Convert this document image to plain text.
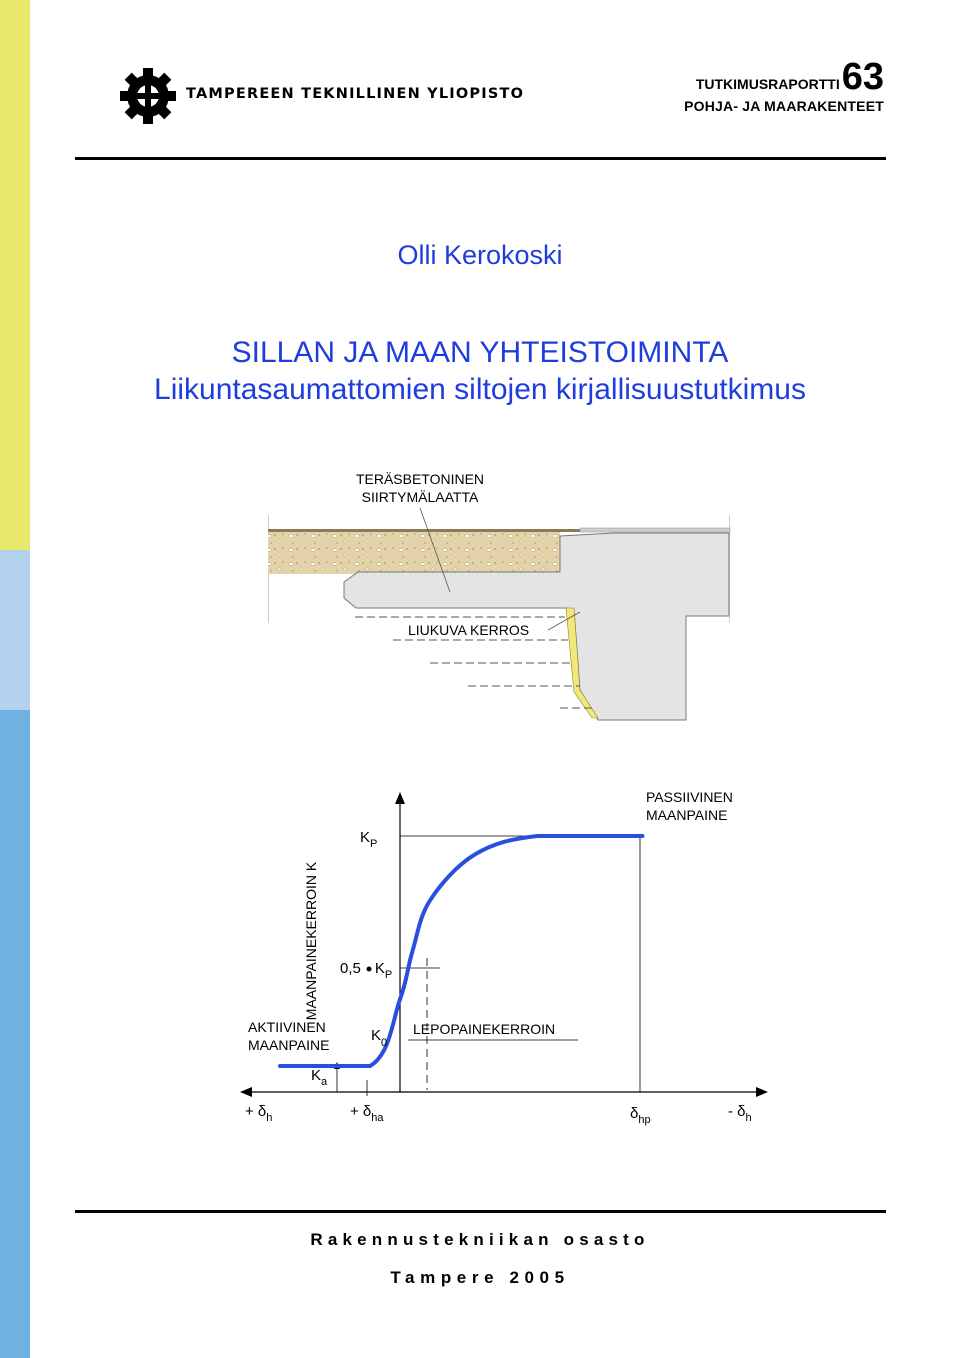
TAMPEREEN TEKNILLINEN YLIOPISTO
TUTKIMUSRAPORTTI63
POHJA- JA MAARAKENTEET
Olli Kerokoski
SILLAN JA MAAN YHTEISTOIMINTA
Liikuntasaumattomien siltojen kirjallisuustutkimus
TERÄSBETONINEN
SIIRTYMÄLAATTA
LIUKUVA KERROS
MAANPAINEKERROIN K
PASSIIVINEN
MAANPAINE
AKTIIVINEN
MAANPAINE
LEPOPAINEKERROIN
$K_P$
0,5 $K_P$
$K_0$
$K_a$
+ $\delta_h$	+ $\delta_{ha}$	$\delta_{hp}$	- $\delta_h$
Rakennustekniikan osasto
Tampere 2005
